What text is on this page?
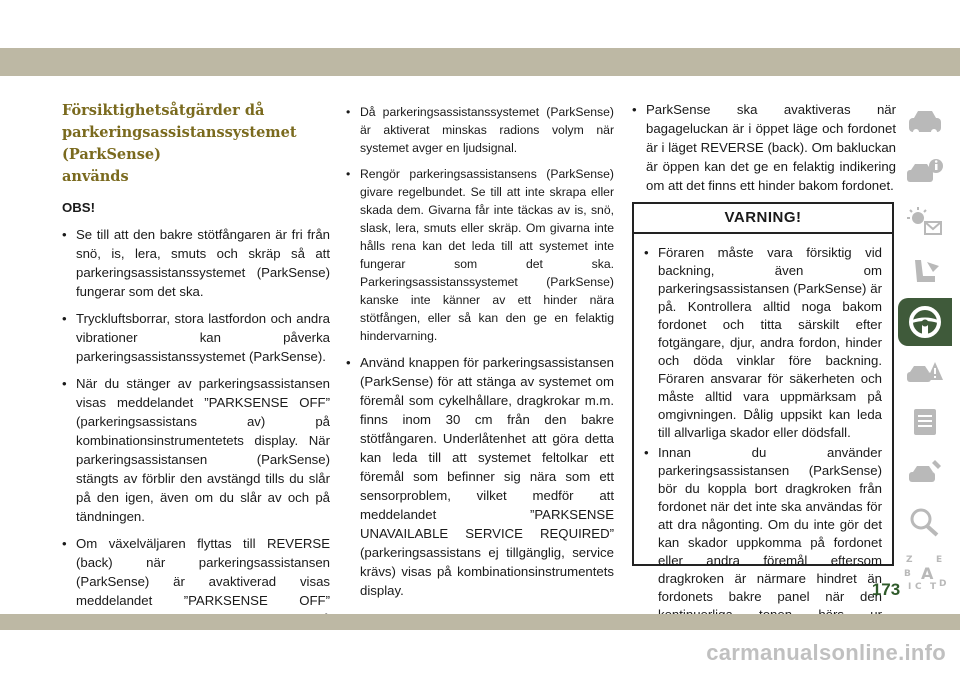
Försiktighetsåtgärder då
parkeringsassistanssystemet (ParkSense)
används
OBS!
• Se till att den bakre stötfångaren är fri från snö, is, lera, smuts och skräp så att parkeringsassistanssystemet (ParkSense) fungerar som det ska.
• Tryckluftsborrar, stora lastfordon och andra vibrationer kan påverka parkeringsassistanssystemet (ParkSense).
• När du stänger av parkeringsassistansen visas meddelandet ”PARKSENSE OFF” (parkeringsassistans av) på kombinationsinstrumentetets display. När parkeringsassistansen (ParkSense) stängts av förblir den avstängd tills du slår på den igen, även om du slår av och på tändningen.
• Om växelväljaren flyttas till REVERSE (back) när parkeringsassistansen (ParkSense) är avaktiverad visas meddelandet ”PARKSENSE OFF”
• Då parkeringsassistanssystemet (ParkSense) är aktiverat minskas radions volym när systemet avger en ljudsignal.
• Rengör parkeringsassistansens (ParkSense) givare regelbundet. Se till att inte skrapa eller skada dem. Givarna får inte täckas av is, snö, slask, lera, smuts eller skräp. Om givarna inte hålls rena kan det leda till att systemet inte fungerar som det ska. Parkeringsassistanssystemet (ParkSense) kanske inte känner av ett hinder nära stötfången, eller så kan den ge en felaktig hindervarning.
• Använd knappen för parkeringsassistansen (ParkSense) för att stänga av systemet om föremål som cykelhållare, dragkrokar m.m. finns inom 30 cm från den bakre stötfångaren. Underlåtenhet att göra detta kan leda till att systemet feltolkar ett föremål som befinner sig nära som ett sensorproblem, vilket medför att meddelandet ”PARKSENSE UNAVAILABLE SERVICE REQUIRED” (parkeringsassistans ej tillgänglig, service krävs) visas på kombinationsinstrumentets display.
• ParkSense ska avaktiveras när bagageluckan är i öppet läge och fordonet är i läget REVERSE (back). Om bakluckan är öppen kan det ge en felaktig indikering om att det finns ett hinder bakom fordonet.
VARNING!
• Föraren måste vara försiktig vid backning, även om parkeringsassistansen (ParkSense) är på. Kontrollera alltid noga bakom fordonet och titta särskilt efter fotgängare, djur, andra fordon, hinder och döda vinklar före backning. Föraren ansvarar för säkerheten och måste alltid vara uppmärksam på omgivningen. Dålig uppsikt kan leda till allvarliga skador eller dödsfall.
• Innan du använder parkeringsassistansen (ParkSense) bör du koppla bort dragkroken från fordonet när det inte ska användas för att dra någonting. Om du inte gör det kan skador uppkomma på fordonet eller andra föremål eftersom dragkroken är närmare hindret än fordonets bakre panel när den
Z	E
B A
I C T D
173
carmanualsonline.info
